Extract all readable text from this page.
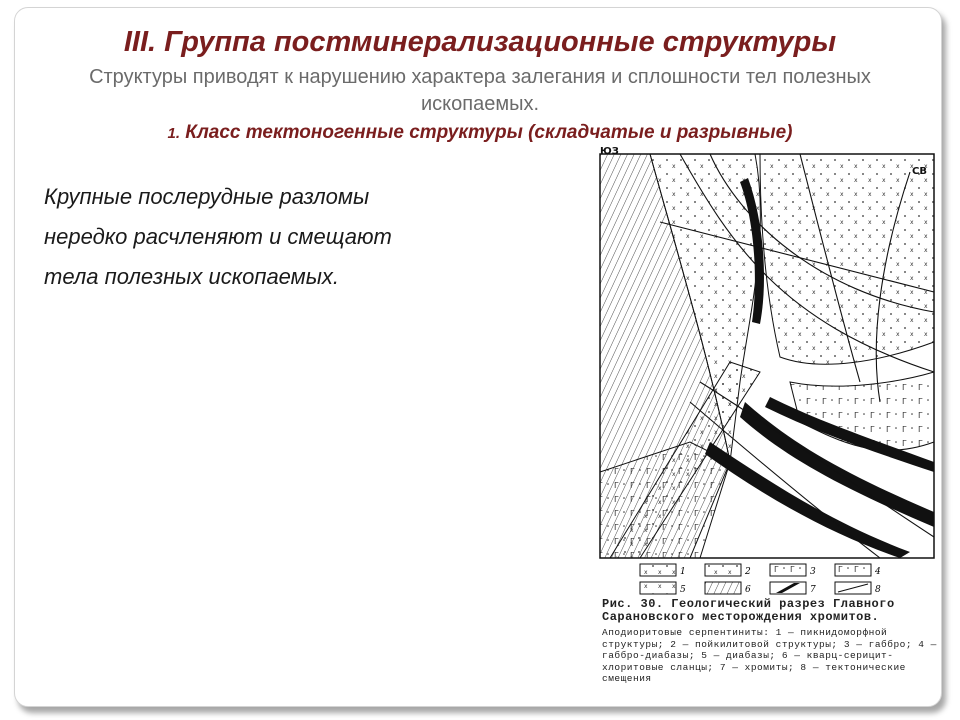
III. Группа постминерализационные структуры
Структуры приводят к нарушению характера залегания и сплошности тел полезных ископаемых.
1. Класс тектоногенные структуры (складчатые и разрывные)
Крупные послерудные разломы
нередко расчленяют и смещают
тела полезных ископаемых.
ЮЗ
СВ
1	2	3	4
5	6	7	8
Рис. 30. Геологический разрез Главного Сарановского месторождения хромитов.
Аподиоритовые серпентиниты: 1 — пикнидоморфной структуры; 2 — пойкилитовой структуры; 3 — габбро; 4 — габбро-диабазы; 5 — диабазы; 6 — кварц-серицит-хлоритовые сланцы; 7 — хромиты; 8 — тектонические смещения
